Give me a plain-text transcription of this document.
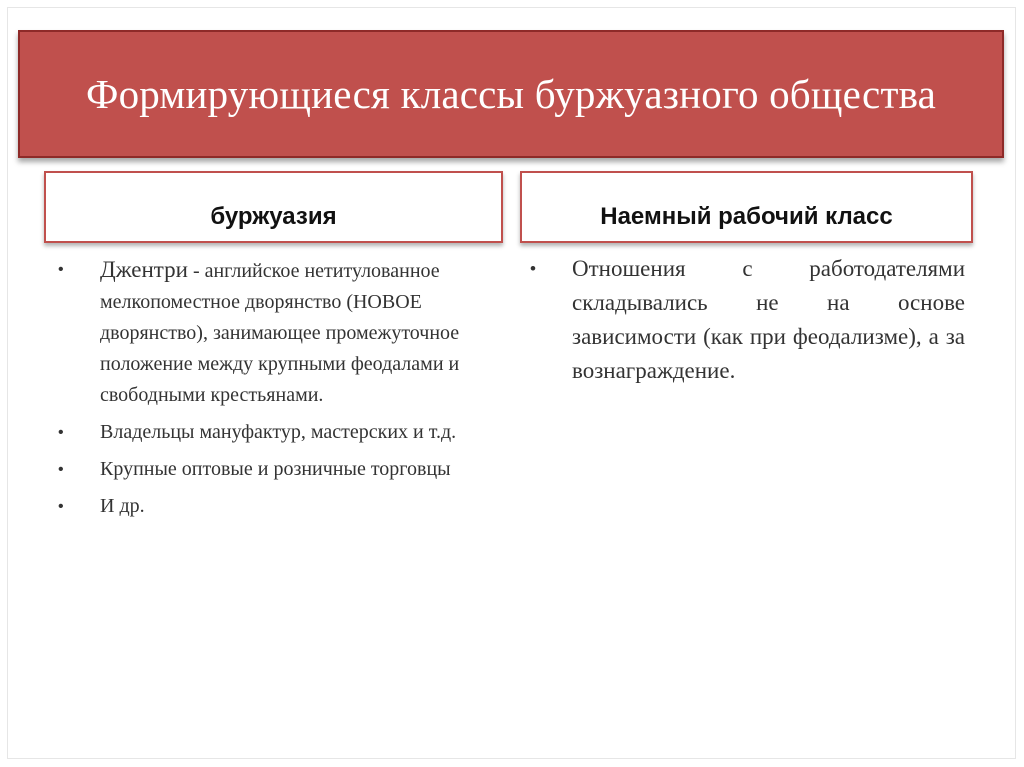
Формирующиеся классы буржуазного общества
буржуазия	Наемный рабочий класс
• Джентри - английское нетитулованное мелкопоместное дворянство (НОВОЕ дворянство), занимающее промежуточное положение между крупными феодалами и свободными крестьянами.
• Владельцы мануфактур, мастерских и т.д.
• Крупные оптовые и розничные торговцы
• И др.
• Отношения с работодателями складывались не на основе зависимости (как при феодализме), а за вознаграждение.
